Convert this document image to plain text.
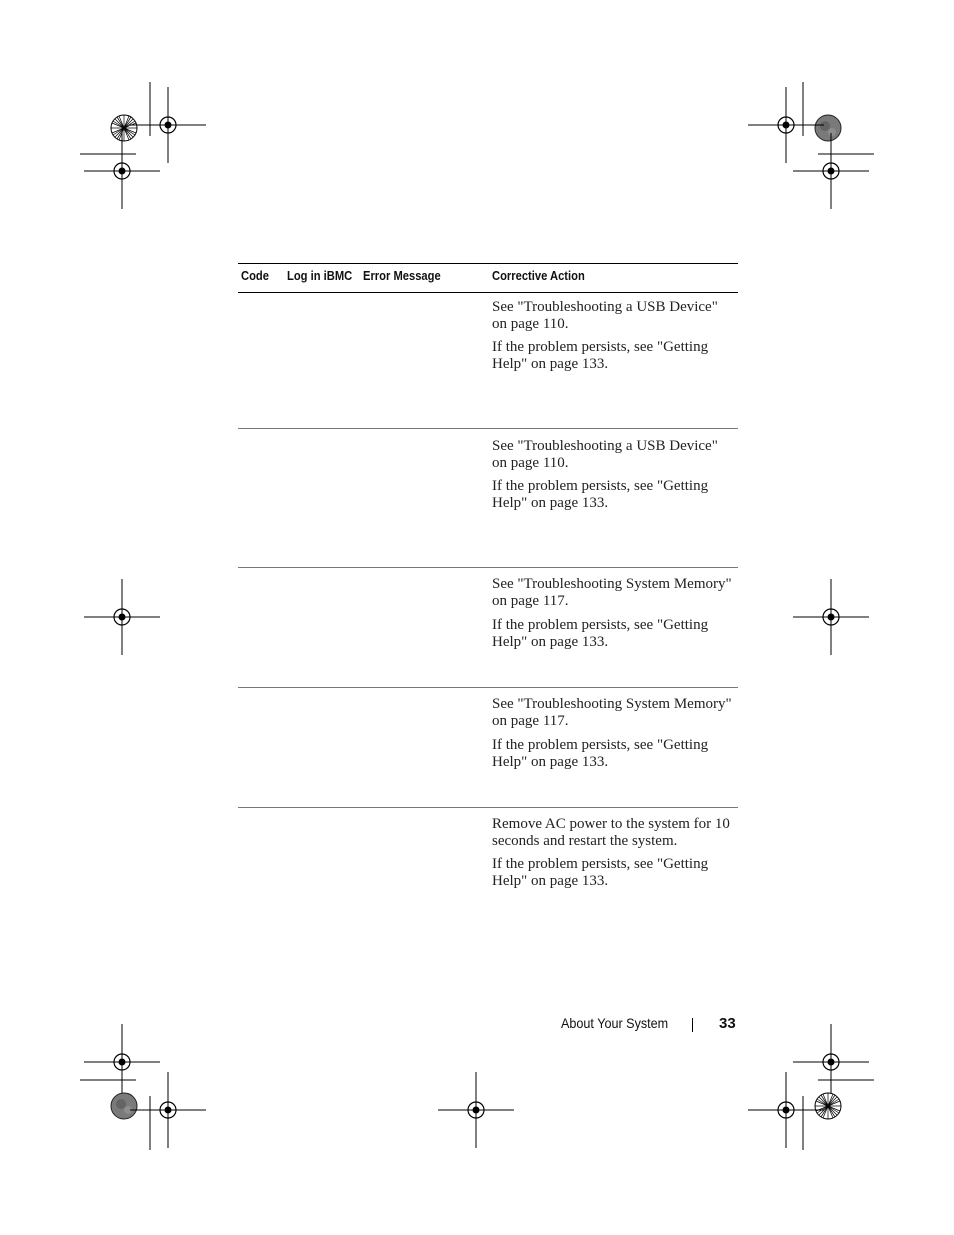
Code Log in iBMC Error Message	Corrective Action

See "Troubleshooting a USB Device" on page 110.

If the problem persists, see "Getting Help" on page 133.

See "Troubleshooting a USB Device" on page 110.

If the problem persists, see "Getting Help" on page 133.

See "Troubleshooting System Memory" on page 117.

If the problem persists, see "Getting Help" on page 133.

See "Troubleshooting System Memory" on page 117.

If the problem persists, see "Getting Help" on page 133.

Remove AC power to the system for 10 seconds and restart the system.

If the problem persists, see "Getting Help" on page 133.

About Your System	33
